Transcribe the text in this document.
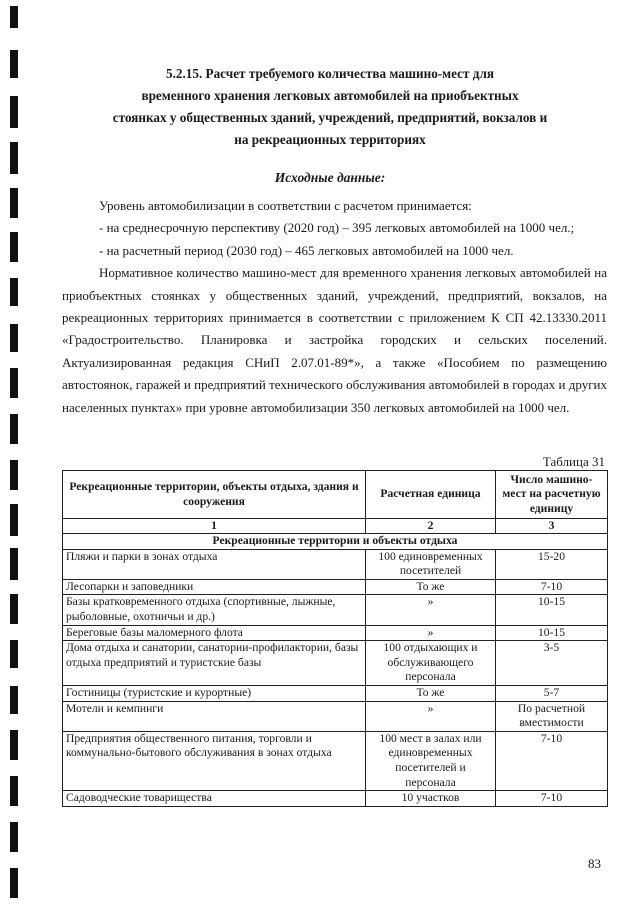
5.2.15. Расчет требуемого количества машино-мест для
временного хранения легковых автомобилей на приобъектных
стоянках у общественных зданий, учреждений, предприятий, вокзалов и
на рекреационных территориях
Исходные данные:

Уровень автомобилизации в соответствии с расчетом принимается:

- на среднесрочную перспективу (2020 год) – 395 легковых автомобилей на 1000 чел.;

- на расчетный период (2030 год) – 465 легковых автомобилей на 1000 чел.

Нормативное количество машино-мест для временного хранения легковых автомобилей на приобъектных стоянках у общественных зданий, учреждений, предприятий, вокзалов, на рекреационных территориях принимается в соответствии с приложением К СП 42.13330.2011 «Градостроительство. Планировка и застройка городских и сельских поселений. Актуализированная редакция СНиП 2.07.01-89*», а также «Пособием по размещению автостоянок, гаражей и предприятий технического обслуживания автомобилей в городах и других населенных пунктах» при уровне автомобилизации 350 легковых автомобилей на 1000 чел.

Таблица 31
Рекреационные территории, объекты отдыха, здания и сооружения	Расчетная единица	Число машино-мест на расчетную единицу
1	2	3
Рекреационные территории и объекты отдыха		
Пляжи и парки в зонах отдыха	100 единовременных посетителей	15-20
Лесопарки и заповедники	То же	7-10
Базы кратковременного отдыха (спортивные, лыжные, рыболовные, охотничьи и др.)	»	10-15
Береговые базы маломерного флота	»	10-15
Дома отдыха и санатории, санатории-профилактории, базы отдыха предприятий и туристские базы	100 отдыхающих и обслуживающего персонала	3-5
Гостиницы (туристские и курортные)	То же	5-7
Мотели и кемпинги	»	По расчетной вместимости
Предприятия общественного питания, торговли и коммунально-бытового обслуживания в зонах отдыха	100 мест в залах или единовременных посетителей и персонала	7-10
Садоводческие товарищества	10 участков	7-10
83
